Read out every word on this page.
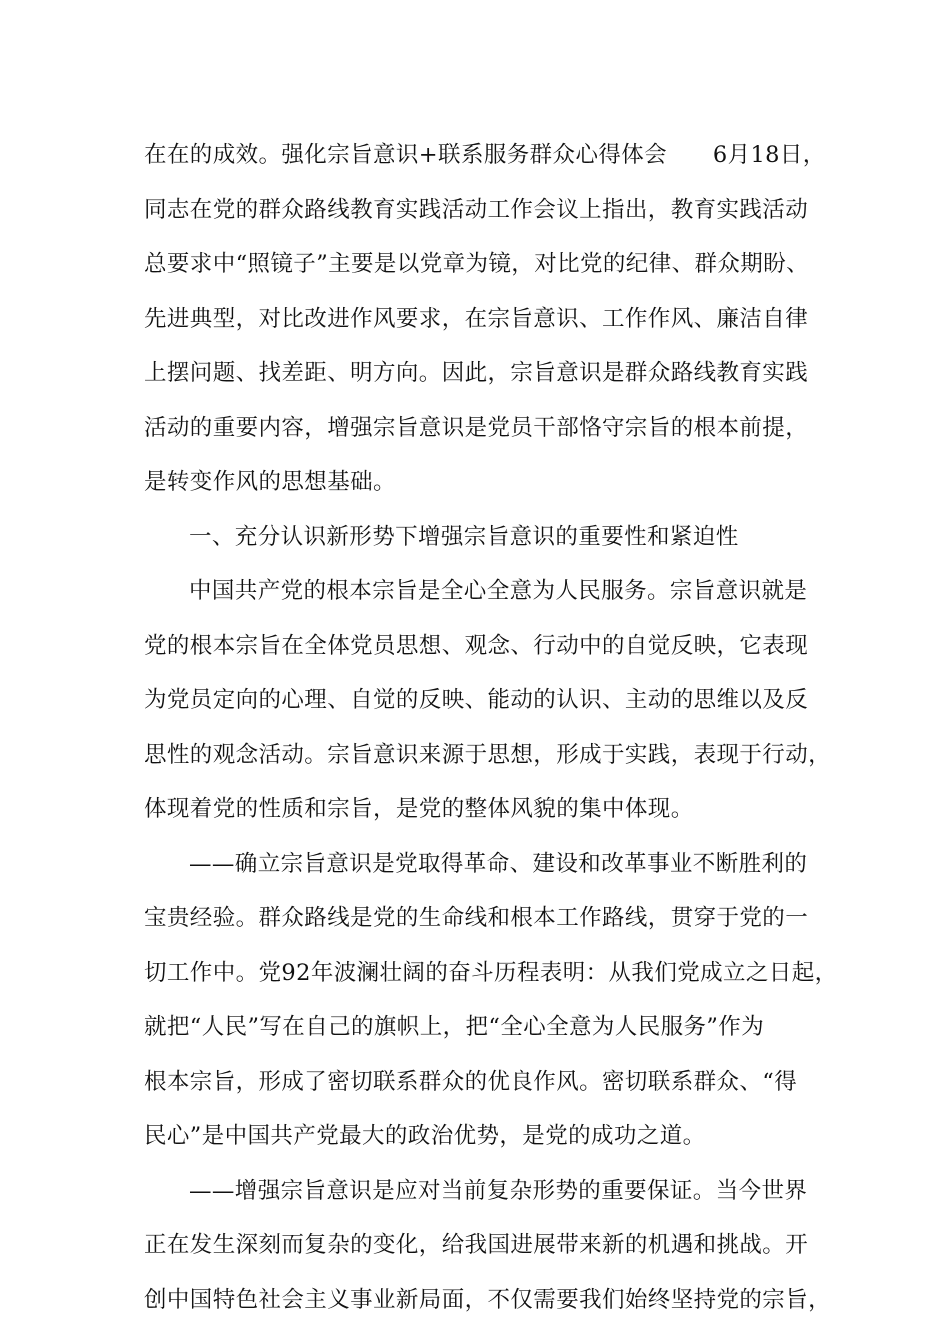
在在的成效。强化宗旨意识+联系服务群众心得体会　　6月18日，
同志在党的群众路线教育实践活动工作会议上指出，教育实践活动
总要求中“照镜子”主要是以党章为镜，对比党的纪律、群众期盼、
先进典型，对比改进作风要求，在宗旨意识、工作作风、廉洁自律
上摆问题、找差距、明方向。因此，宗旨意识是群众路线教育实践
活动的重要内容，增强宗旨意识是党员干部恪守宗旨的根本前提，
是转变作风的思想基础。
一、充分认识新形势下增强宗旨意识的重要性和紧迫性
中国共产党的根本宗旨是全心全意为人民服务。宗旨意识就是
党的根本宗旨在全体党员思想、观念、行动中的自觉反映，它表现
为党员定向的心理、自觉的反映、能动的认识、主动的思维以及反
思性的观念活动。宗旨意识来源于思想，形成于实践，表现于行动，
体现着党的性质和宗旨，是党的整体风貌的集中体现。
——确立宗旨意识是党取得革命、建设和改革事业不断胜利的
宝贵经验。群众路线是党的生命线和根本工作路线，贯穿于党的一
切工作中。党92年波澜壮阔的奋斗历程表明：从我们党成立之日起，
就把“人民”写在自己的旗帜上，把“全心全意为人民服务”作为
根本宗旨，形成了密切联系群众的优良作风。密切联系群众、“得
民心”是中国共产党最大的政治优势，是党的成功之道。
——增强宗旨意识是应对当前复杂形势的重要保证。当今世界
正在发生深刻而复杂的变化，给我国进展带来新的机遇和挑战。开
创中国特色社会主义事业新局面，不仅需要我们始终坚持党的宗旨，
